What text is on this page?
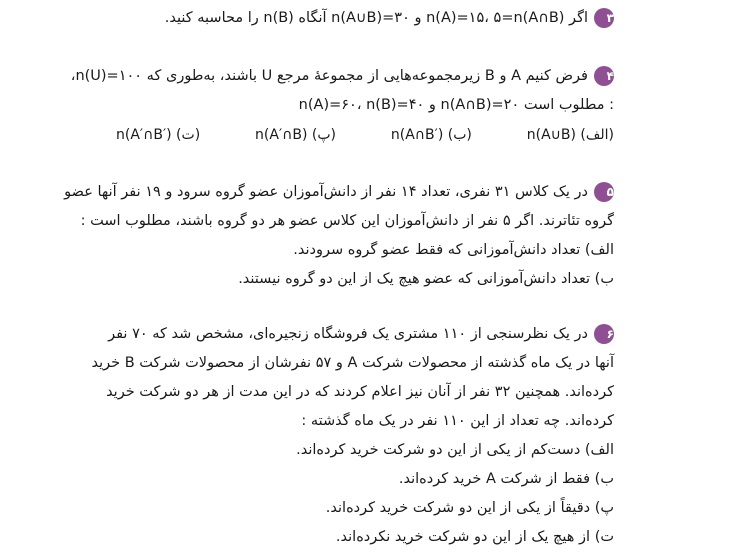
۳اگر n(A)=۱۵، ۵=n(A∩B) و ۳۰=n(A∪B) آنگاه n(B) را محاسبه کنید.
۴فرض کنیم A و B زیرمجموعه‌هایی از مجموعهٔ مرجع U باشند، به‌طوری که n(U)=۱۰۰،
n(A)=۶۰، n(B)=۴۰ و n(A∩B)=۲۰ مطلوب است :
(الف) n(A∪B)
(ب) n(A∩B′)
(پ) n(A′∩B)
(ت) n(A′∩B′)
۵در یک کلاس ۳۱ نفری، تعداد ۱۴ نفر از دانش‌آموزان عضو گروه سرود و ۱۹ نفر آنها عضو
گروه تئاترند. اگر ۵ نفر از دانش‌آموزان این کلاس عضو هر دو گروه باشند، مطلوب است :
الف) تعداد دانش‌آموزانی که فقط عضو گروه سرودند.
ب) تعداد دانش‌آموزانی که عضو هیچ یک از این دو گروه نیستند.
۶در یک نظرسنجی از ۱۱۰ مشتری یک فروشگاه زنجیره‌ای، مشخص شد که ۷۰ نفر
آنها در یک ماه گذشته از محصولات شرکت A و ۵۷ نفرشان از محصولات شرکت B خرید
کرده‌اند. همچنین ۳۲ نفر از آنان نیز اعلام کردند که در این مدت از هر دو شرکت خرید
کرده‌اند. چه تعداد از این ۱۱۰ نفر در یک ماه گذشته :
الف) دست‌کم از یکی از این دو شرکت خرید کرده‌اند.
ب) فقط از شرکت A خرید کرده‌اند.
پ) دقیقاً از یکی از این دو شرکت خرید کرده‌اند.
ت) از هیچ یک از این دو شرکت خرید نکرده‌اند.
